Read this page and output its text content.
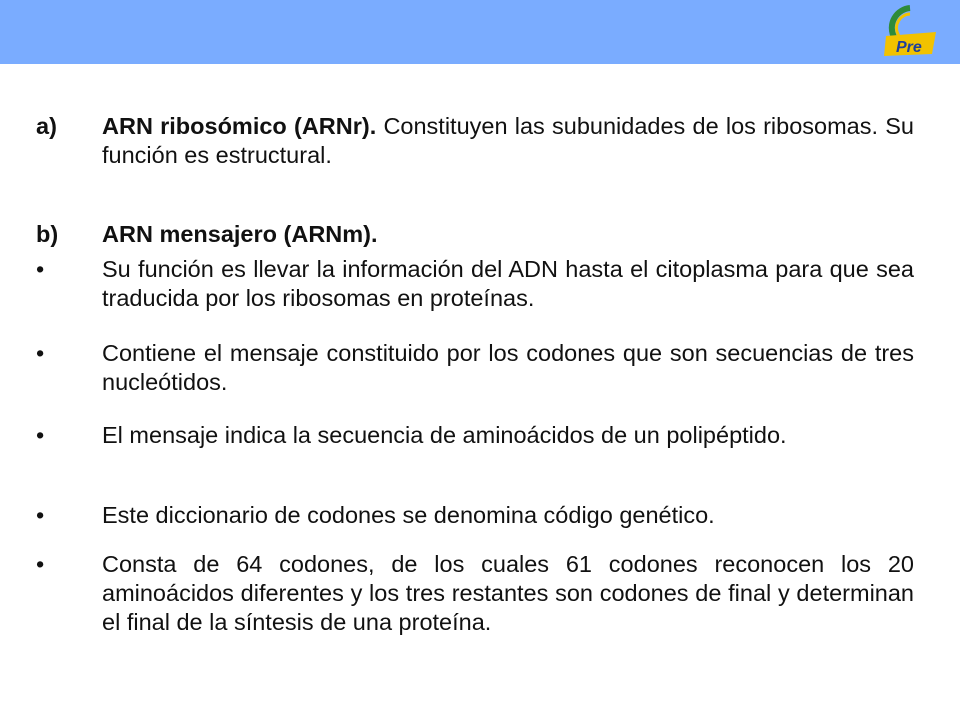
Pre
a)	ARN ribosómico (ARNr). Constituyen las subunidades de los ribosomas. Su función es estructural.
b)	ARN mensajero (ARNm).
•	Su función es llevar la información del ADN hasta el citoplasma para que sea traducida por los ribosomas en proteínas.
•	Contiene el mensaje constituido por los codones que son secuencias de tres nucleótidos.
•	El mensaje indica la secuencia de aminoácidos de un polipéptido.
•	Este diccionario de codones se denomina código genético.
•	Consta de 64 codones, de los cuales 61 codones reconocen los 20 aminoácidos diferentes y los tres restantes son codones de final y determinan el final de la síntesis de una proteína.
